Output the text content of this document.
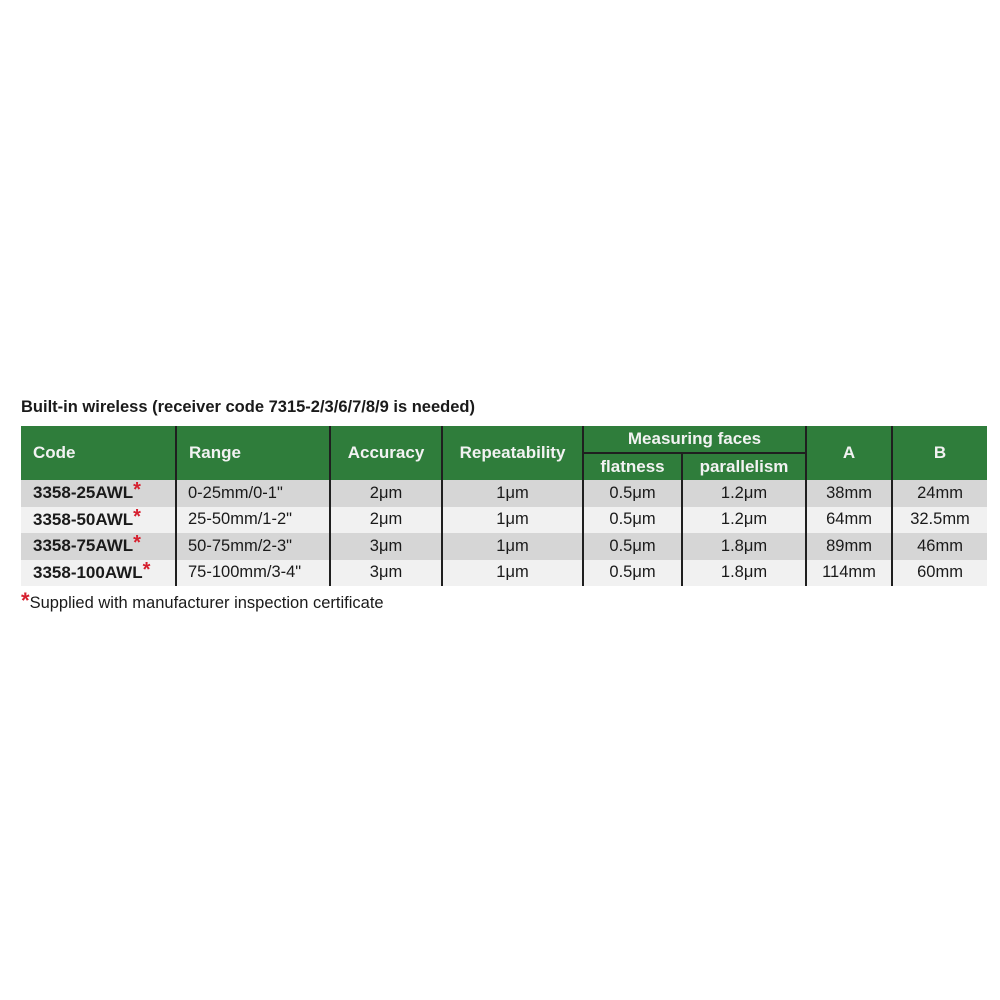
Built-in wireless (receiver code 7315-2/3/6/7/8/9 is needed)
Code	Range	Accuracy	Repeatability	Measuring faces		A	B
				flatness	parallelism		
3358-25AWL*	0-25mm/0-1"	2μm	1μm	0.5μm	1.2μm	38mm	24mm
3358-50AWL*	25-50mm/1-2"	2μm	1μm	0.5μm	1.2μm	64mm	32.5mm
3358-75AWL*	50-75mm/2-3"	3μm	1μm	0.5μm	1.8μm	89mm	46mm
3358-100AWL*	75-100mm/3-4"	3μm	1μm	0.5μm	1.8μm	114mm	60mm
*Supplied with manufacturer inspection certificate
